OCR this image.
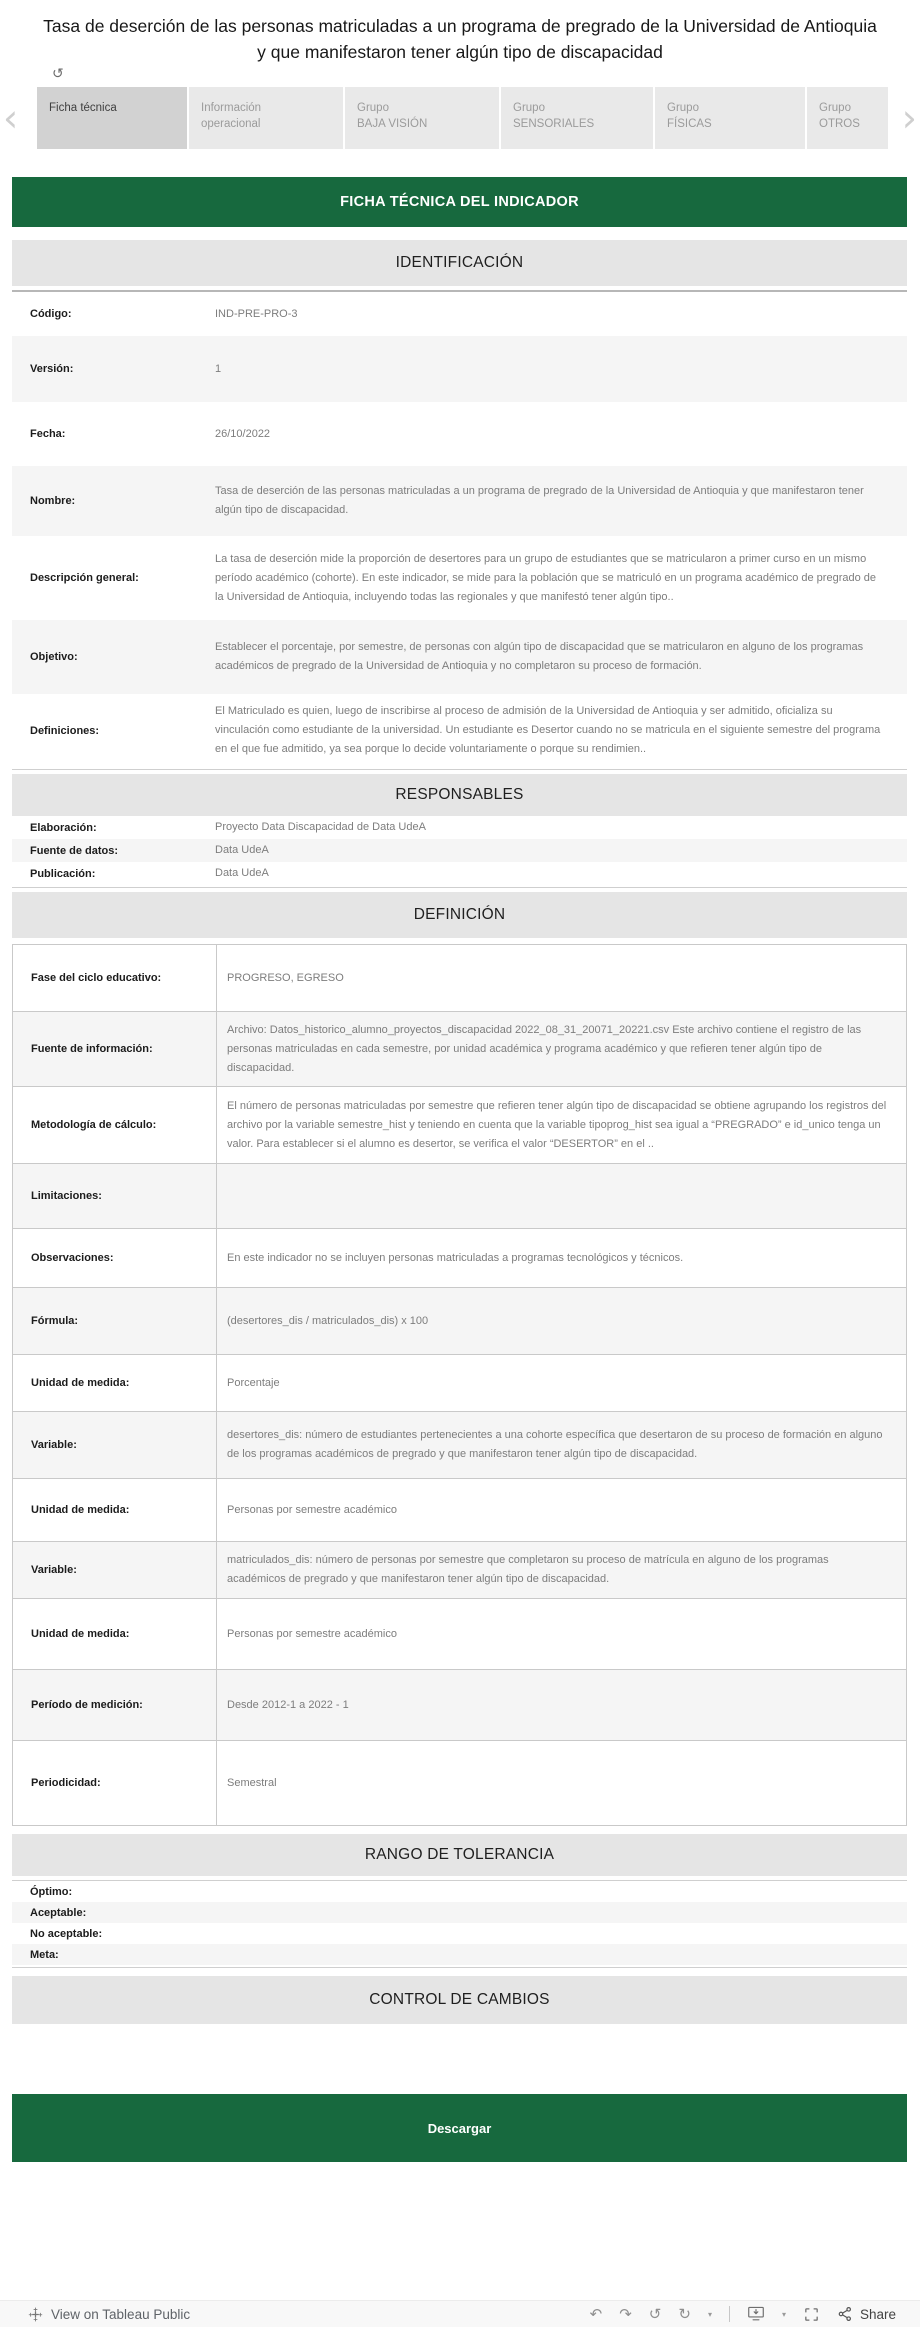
Tasa de deserción de las personas matriculadas a un programa de pregrado de la Universidad de Antioquia y que manifestaron tener algún tipo de discapacidad
↺
‹	Ficha técnica	Información
operacional
Grupo
BAJA VISIÓN
Grupo
SENSORIALES
Grupo
FÍSICAS
Grupo
OTROS	›
FICHA TÉCNICA DEL INDICADOR
IDENTIFICACIÓN
Código:	IND-PRE-PRO-3
Versión:	1
Fecha:	26/10/2022
Nombre:
Tasa de deserción de las personas matriculadas a un programa de pregrado de la Universidad de Antioquia y que manifestaron tener algún tipo de discapacidad.
Descripción general:
La tasa de deserción mide la proporción de desertores para un grupo de estudiantes que se matricularon a primer curso en un mismo período académico (cohorte). En este indicador, se mide para la población que se matriculó en un programa académico de pregrado de la Universidad de Antioquia, incluyendo todas las regionales y que manifestó tener algún tipo..
Objetivo:
Establecer el porcentaje, por semestre, de personas con algún tipo de discapacidad que se matricularon en alguno de los programas académicos de pregrado de la Universidad de Antioquia y no completaron su proceso de formación.
Definiciones:
El Matriculado es quien, luego de inscribirse al proceso de admisión de la Universidad de Antioquia y ser admitido, oficializa su vinculación como estudiante de la universidad. Un estudiante es Desertor cuando no se matricula en el siguiente semestre del programa en el que fue admitido, ya sea porque lo decide voluntariamente o porque su rendimien..
RESPONSABLES
Elaboración:	Proyecto Data Discapacidad de Data UdeA
Fuente de datos:	Data UdeA
Publicación:	Data UdeA
DEFINICIÓN
Fase del ciclo educativo:	PROGRESO, EGRESO
Fuente de información:
Archivo: Datos_historico_alumno_proyectos_discapacidad 2022_08_31_20071_20221.csv Este archivo contiene el registro de las personas matriculadas en cada semestre, por unidad académica y programa académico y que refieren tener algún tipo de discapacidad.
Metodología de cálculo:
El número de personas matriculadas por semestre que refieren tener algún tipo de discapacidad se obtiene agrupando los registros del archivo por la variable semestre_hist y teniendo en cuenta que la variable tipoprog_hist sea igual a “PREGRADO” e id_unico tenga un valor. Para establecer si el alumno es desertor, se verifica el valor “DESERTOR” en el ..
Limitaciones:
Observaciones:	En este indicador no se incluyen personas matriculadas a programas tecnológicos y técnicos.
Fórmula:	(desertores_dis / matriculados_dis) x 100
Unidad de medida:	Porcentaje
Variable:
desertores_dis: número de estudiantes pertenecientes a una cohorte específica que desertaron de su proceso de formación en alguno de los programas académicos de pregrado y que manifestaron tener algún tipo de discapacidad.
Unidad de medida:	Personas por semestre académico
Variable:
matriculados_dis: número de personas por semestre que completaron su proceso de matrícula en alguno de los programas académicos de pregrado y que manifestaron tener algún tipo de discapacidad.
Unidad de medida:	Personas por semestre académico
Período de medición:	Desde 2012-1 a 2022 - 1
Periodicidad:	Semestral
RANGO DE TOLERANCIA
Óptimo:
Aceptable:
No aceptable:
Meta:
CONTROL DE CAMBIOS
Descargar
View on Tableau Public	↶ ↷ ↺ ↻ ▾	▾	Share
